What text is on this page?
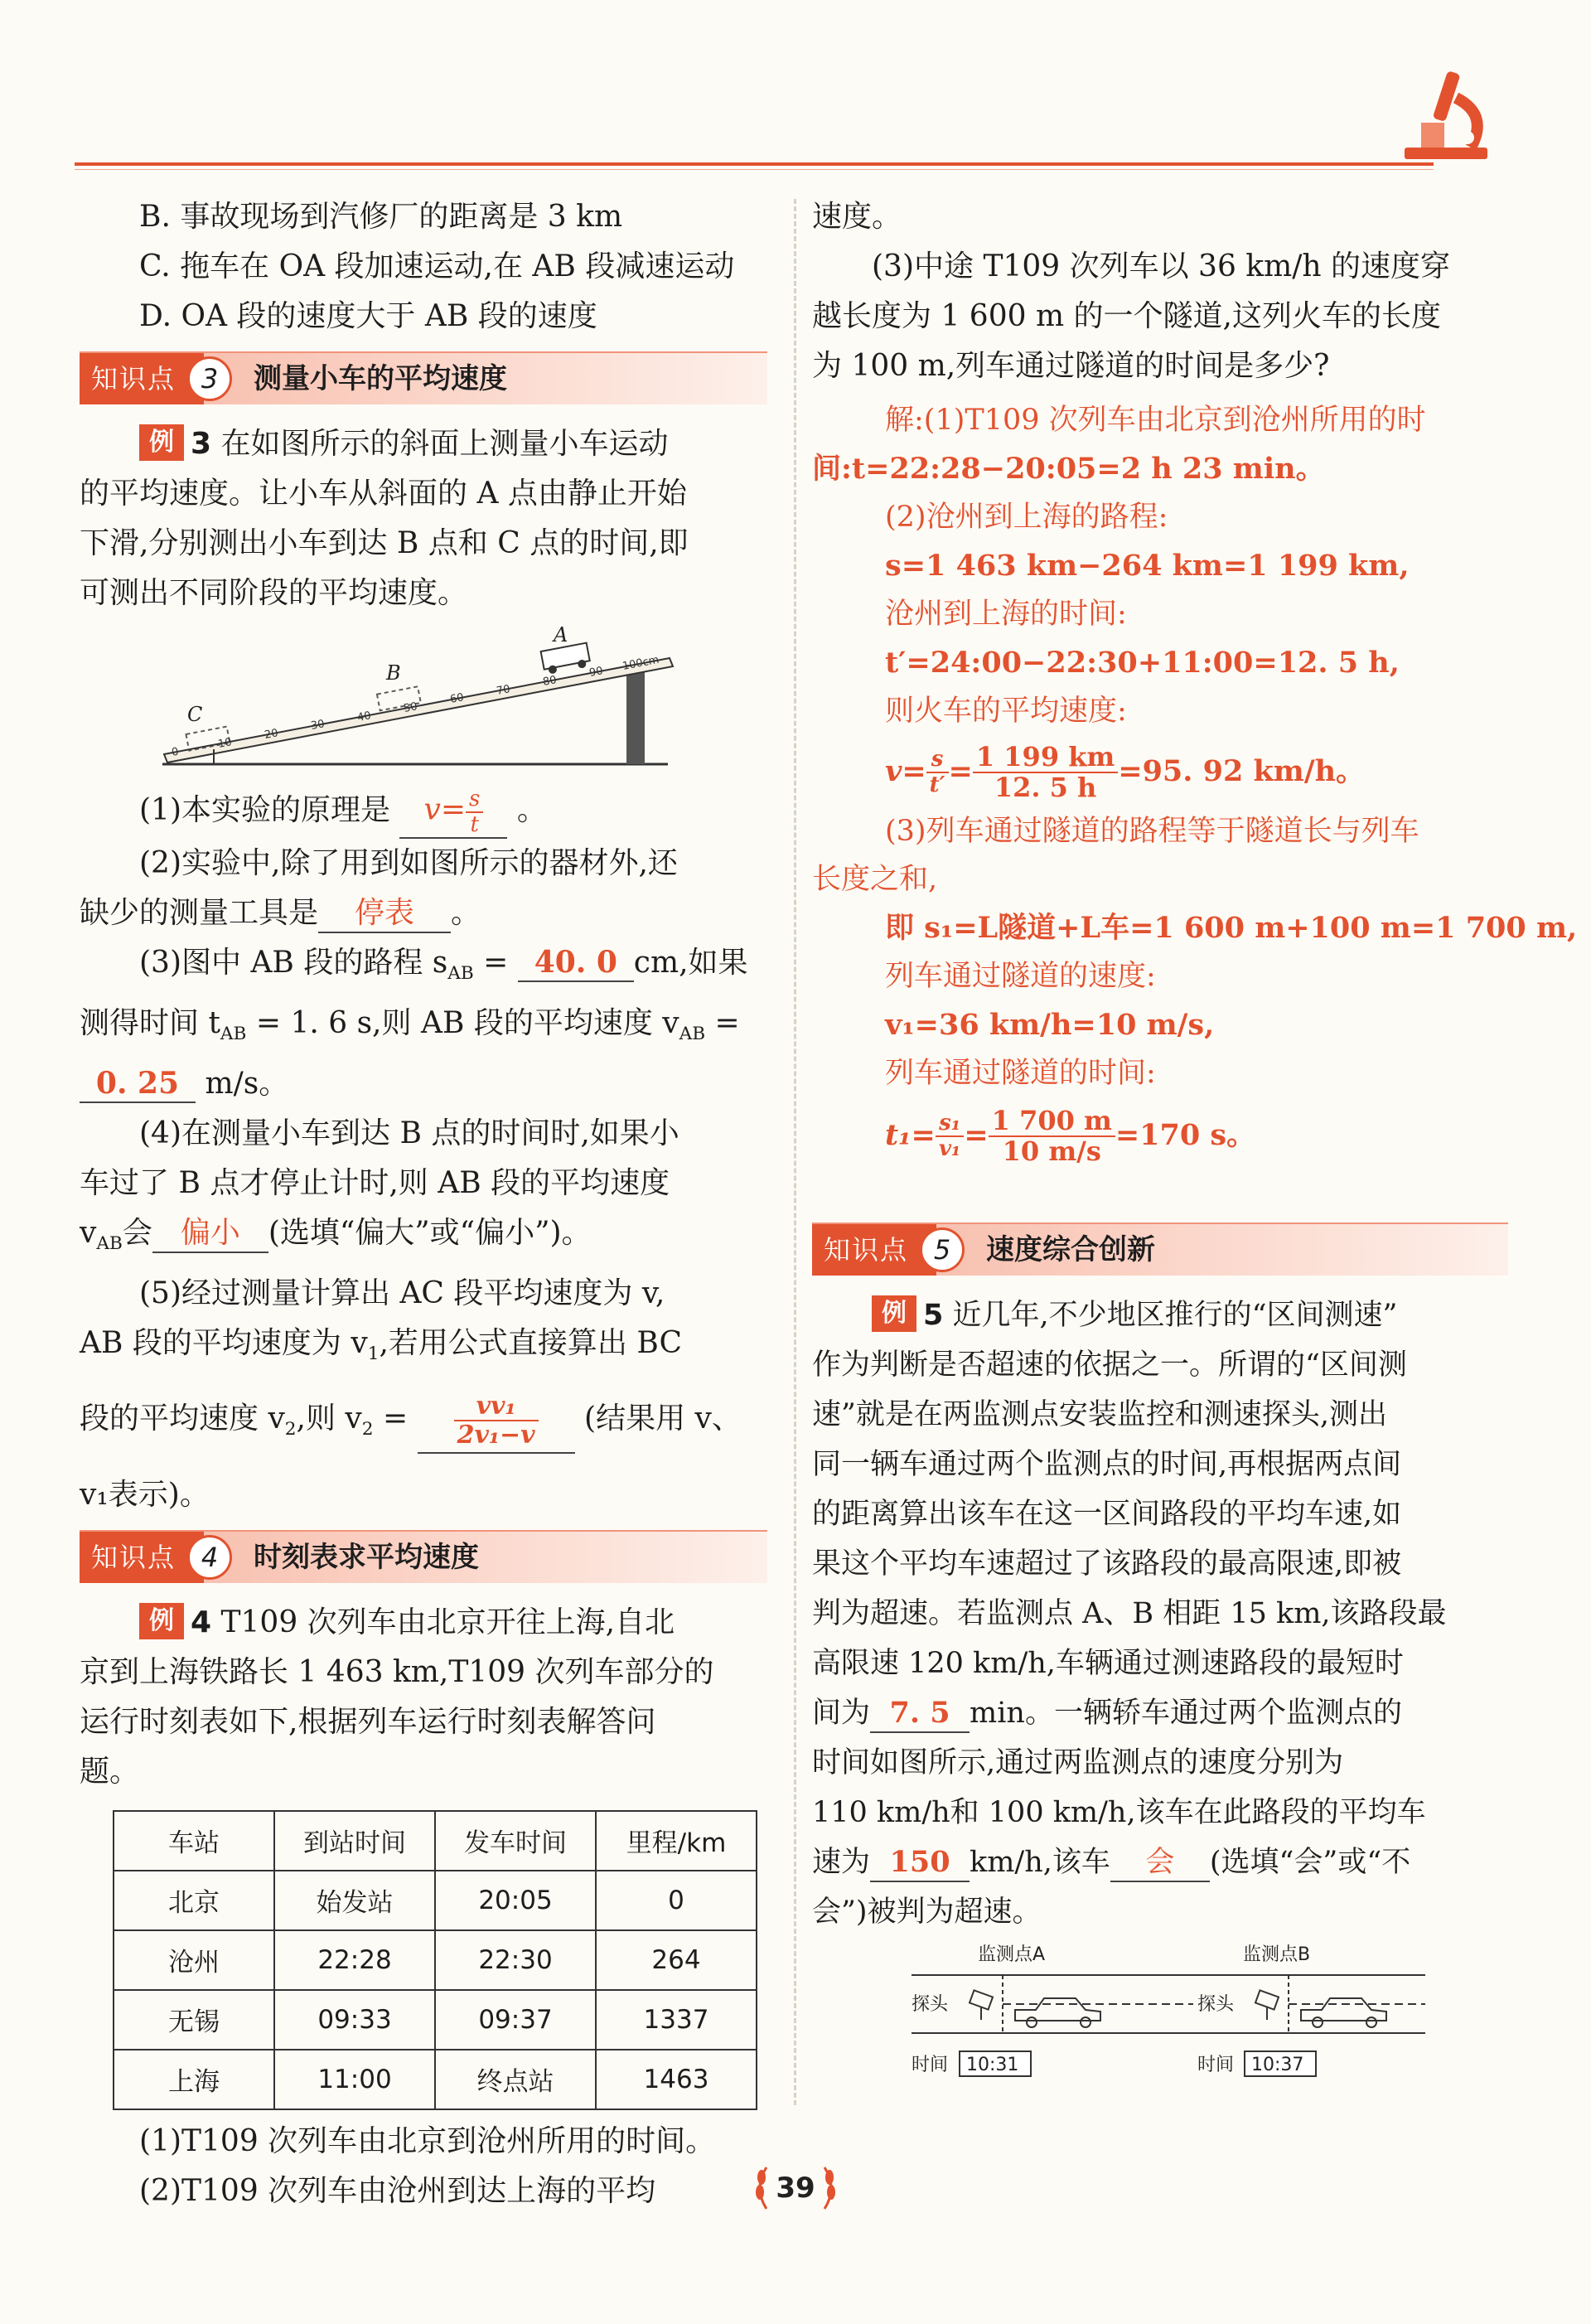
B. 事故现场到汽修厂的距离是 3 km

C. 拖车在 OA 段加速运动,在 AB 段减速运动

D. OA 段的速度大于 AB 段的速度

知识点 3	测量小车的平均速度

例 3 在如图所示的斜面上测量小车运动

的平均速度。让小车从斜面的 A 点由静止开始

下滑,分别测出小车到达 B 点和 C 点的时间,即

可测出不同阶段的平均速度。

0
10
20
30
40
50
60
70
80
90 100cm
A
B
C

(1)本实验的原理是 $v= \frac{s}{t}$ 。

(2)实验中,除了用到如图所示的器材外,还

缺少的测量工具是 停表 。

(3)图中 AB 段的路程 $s_{AB} = 40$. 0 cm,如果

测得时间 $t_{AB} = 1$. 6 s,则 AB 段的平均速度 $v_{AB}$ =

0. 25 m/s。

(4)在测量小车到达 B 点的时间时,如果小

车过了 B 点才停止计时,则 AB 段的平均速度

$v_{AB}$会 偏小 (选填“偏大”或“偏小”)。

(5)经过测量计算出 AC 段平均速度为 v,

AB 段的平均速度为 $v_1$,若用公式直接算出 BC

段的平均速度 $v_2$,则 $v_2 = \frac{\text{vv₁}}{\text{2v₁−v}}$ (结果用 v、

v₁表示)。

知识点 4	时刻表求平均速度

例 4 T109 次列车由北京开往上海,自北

京到上海铁路长 1 463 km,T109 次列车部分的

运行时刻表如下,根据列车运行时刻表解答问

题。

车站	到站时间	发车时间	里程/km
北京	始发站	20:05	0
沧州	22:28	22:30	264
无锡	09:33	09:37	1337
上海	11:00	终点站	1463

(1)T109 次列车由北京到沧州所用的时间。

(2)T109 次列车由沧州到达上海的平均

速度。

(3)中途 T109 次列车以 36 km/h 的速度穿

越长度为 1 600 m 的一个隧道,这列火车的长度

为 100 m,列车通过隧道的时间是多少?

解:(1)T109 次列车由北京到沧州所用的时

间:t=22:28−20:05=2 h 23 min。

(2)沧州到上海的路程:

s=1 463 km−264 km=1 199 km,

沧州到上海的时间:

t′=24:00−22:30+11:00=12. 5 h,

则火车的平均速度:

$v= \frac{s}{t'} = \frac{1 199 km}{12. 5 h} =95$. 92 km/h。

(3)列车通过隧道的路程等于隧道长与列车

长度之和,

即 s₁=L隧道+L车=1 600 m+100 m=1 700 m,

列车通过隧道的速度:

v₁=36 km/h=10 m/s,

列车通过隧道的时间:

$t_1= \frac{\text{s₁}}{\text{v₁}} = \frac{1 700 m}{10 m/s} =170$ s。

知识点 5	速度综合创新

例 5 近几年,不少地区推行的“区间测速”

作为判断是否超速的依据之一。所谓的“区间测

速”就是在两监测点安装监控和测速探头,测出

同一辆车通过两个监测点的时间,再根据两点间

的距离算出该车在这一区间路段的平均车速,如

果这个平均车速超过了该路段的最高限速,即被

判为超速。若监测点 A、B 相距 15 km,该路段最

高限速 120 km/h,车辆通过测速路段的最短时

间为 7. 5 min。一辆轿车通过两个监测点的

时间如图所示,通过两监测点的速度分别为

110 km/h和 100 km/h,该车在此路段的平均车

速为 150 km/h,该车 会 (选填“会”或“不

会”)被判为超速。

监测点A	监测点B
探头	探头
时间	时间
10:31	10:37
39
